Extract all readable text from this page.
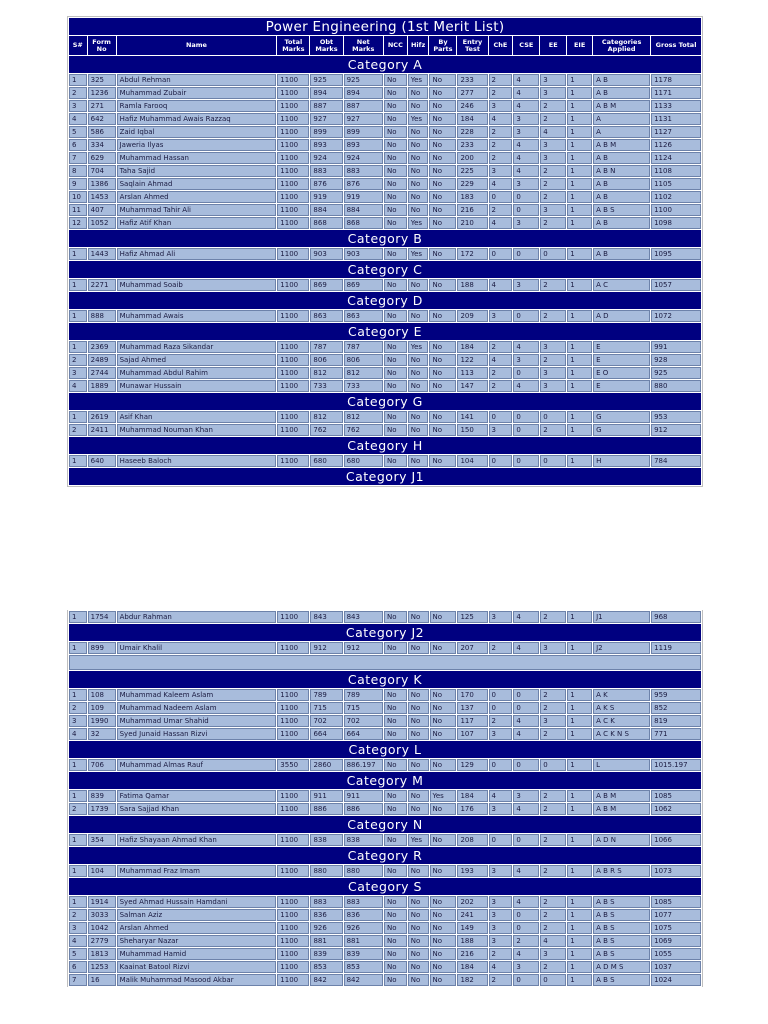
Power Engineering (1st Merit List)															
S#	Form No	Name	Total Marks	Obt Marks	Net Marks	NCC	Hifz	By Parts	Entry Test	ChE	CSE	EE	EIE	Categories Applied	Gross Total
Category A															
1	325	Abdul Rehman	1100	925	925	No	Yes	No	233	2	4	3	1	A B	1178
2	1236	Muhammad Zubair	1100	894	894	No	No	No	277	2	4	3	1	A B	1171
3	271	Ramla Farooq	1100	887	887	No	No	No	246	3	4	2	1	A B M	1133
4	642	Hafiz Muhammad Awais Razzaq	1100	927	927	No	Yes	No	184	4	3	2	1	A	1131
5	586	Zaid Iqbal	1100	899	899	No	No	No	228	2	3	4	1	A	1127
6	334	Jaweria Ilyas	1100	893	893	No	No	No	233	2	4	3	1	A B M	1126
7	629	Muhammad Hassan	1100	924	924	No	No	No	200	2	4	3	1	A B	1124
8	704	Taha Sajid	1100	883	883	No	No	No	225	3	4	2	1	A B N	1108
9	1386	Saqlain Ahmad	1100	876	876	No	No	No	229	4	3	2	1	A B	1105
10	1453	Arslan Ahmed	1100	919	919	No	No	No	183	0	0	2	1	A B	1102
11	407	Muhammad Tahir Ali	1100	884	884	No	No	No	216	2	0	3	1	A B S	1100
12	1052	Hafiz Atif Khan	1100	868	868	No	Yes	No	210	4	3	2	1	A B	1098
Category B															
1	1443	Hafiz Ahmad Ali	1100	903	903	No	Yes	No	172	0	0	0	1	A B	1095
Category C															
1	2271	Muhammad Soaib	1100	869	869	No	No	No	188	4	3	2	1	A C	1057
Category D															
1	888	Muhammad Awais	1100	863	863	No	No	No	209	3	0	2	1	A D	1072
Category E															
1	2369	Muhammad Raza Sikandar	1100	787	787	No	Yes	No	184	2	4	3	1	E	991
2	2489	Sajad Ahmed	1100	806	806	No	No	No	122	4	3	2	1	E	928
3	2744	Muhammad Abdul Rahim	1100	812	812	No	No	No	113	2	0	3	1	E O	925
4	1889	Munawar Hussain	1100	733	733	No	No	No	147	2	4	3	1	E	880
Category G															
1	2619	Asif Khan	1100	812	812	No	No	No	141	0	0	0	1	G	953
2	2411	Muhammad Nouman Khan	1100	762	762	No	No	No	150	3	0	2	1	G	912
Category H															
1	640	Haseeb Baloch	1100	680	680	No	No	No	104	0	0	0	1	H	784
Category J1															
1	1754	Abdur Rahman	1100	843	843	No	No	No	125	3	4	2	1	J1	968
Category J2															
1	899	Umair Khalil	1100	912	912	No	No	No	207	2	4	3	1	J2	1119

Category K															
1	108	Muhammad Kaleem Aslam	1100	789	789	No	No	No	170	0	0	2	1	A K	959
2	109	Muhammad Nadeem Aslam	1100	715	715	No	No	No	137	0	0	2	1	A K S	852
3	1990	Muhammad Umar Shahid	1100	702	702	No	No	No	117	2	4	3	1	A C K	819
4	32	Syed Junaid Hassan Rizvi	1100	664	664	No	No	No	107	3	4	2	1	A C K N S	771
Category L															
1	706	Muhammad Almas Rauf	3550	2860	886.197	No	No	No	129	0	0	0	1	L	1015.197
Category M															
1	839	Fatima Qamar	1100	911	911	No	No	Yes	184	4	3	2	1	A B M	1085
2	1739	Sara Sajjad Khan	1100	886	886	No	No	No	176	3	4	2	1	A B M	1062
Category N															
1	354	Hafiz Shayaan Ahmad Khan	1100	838	838	No	Yes	No	208	0	0	2	1	A D N	1066
Category R															
1	104	Muhammad Fraz Imam	1100	880	880	No	No	No	193	3	4	2	1	A B R S	1073
Category S															
1	1914	Syed Ahmad Hussain Hamdani	1100	883	883	No	No	No	202	3	4	2	1	A B S	1085
2	3033	Salman Aziz	1100	836	836	No	No	No	241	3	0	2	1	A B S	1077
3	1042	Arslan Ahmed	1100	926	926	No	No	No	149	3	0	2	1	A B S	1075
4	2779	Sheharyar Nazar	1100	881	881	No	No	No	188	3	2	4	1	A B S	1069
5	1813	Muhammad Hamid	1100	839	839	No	No	No	216	2	4	3	1	A B S	1055
6	1253	Kaainat Batool Rizvi	1100	853	853	No	No	No	184	4	3	2	1	A D M S	1037
7	16	Malik Muhammad Masood Akbar	1100	842	842	No	No	No	182	2	0	0	1	A B S	1024
